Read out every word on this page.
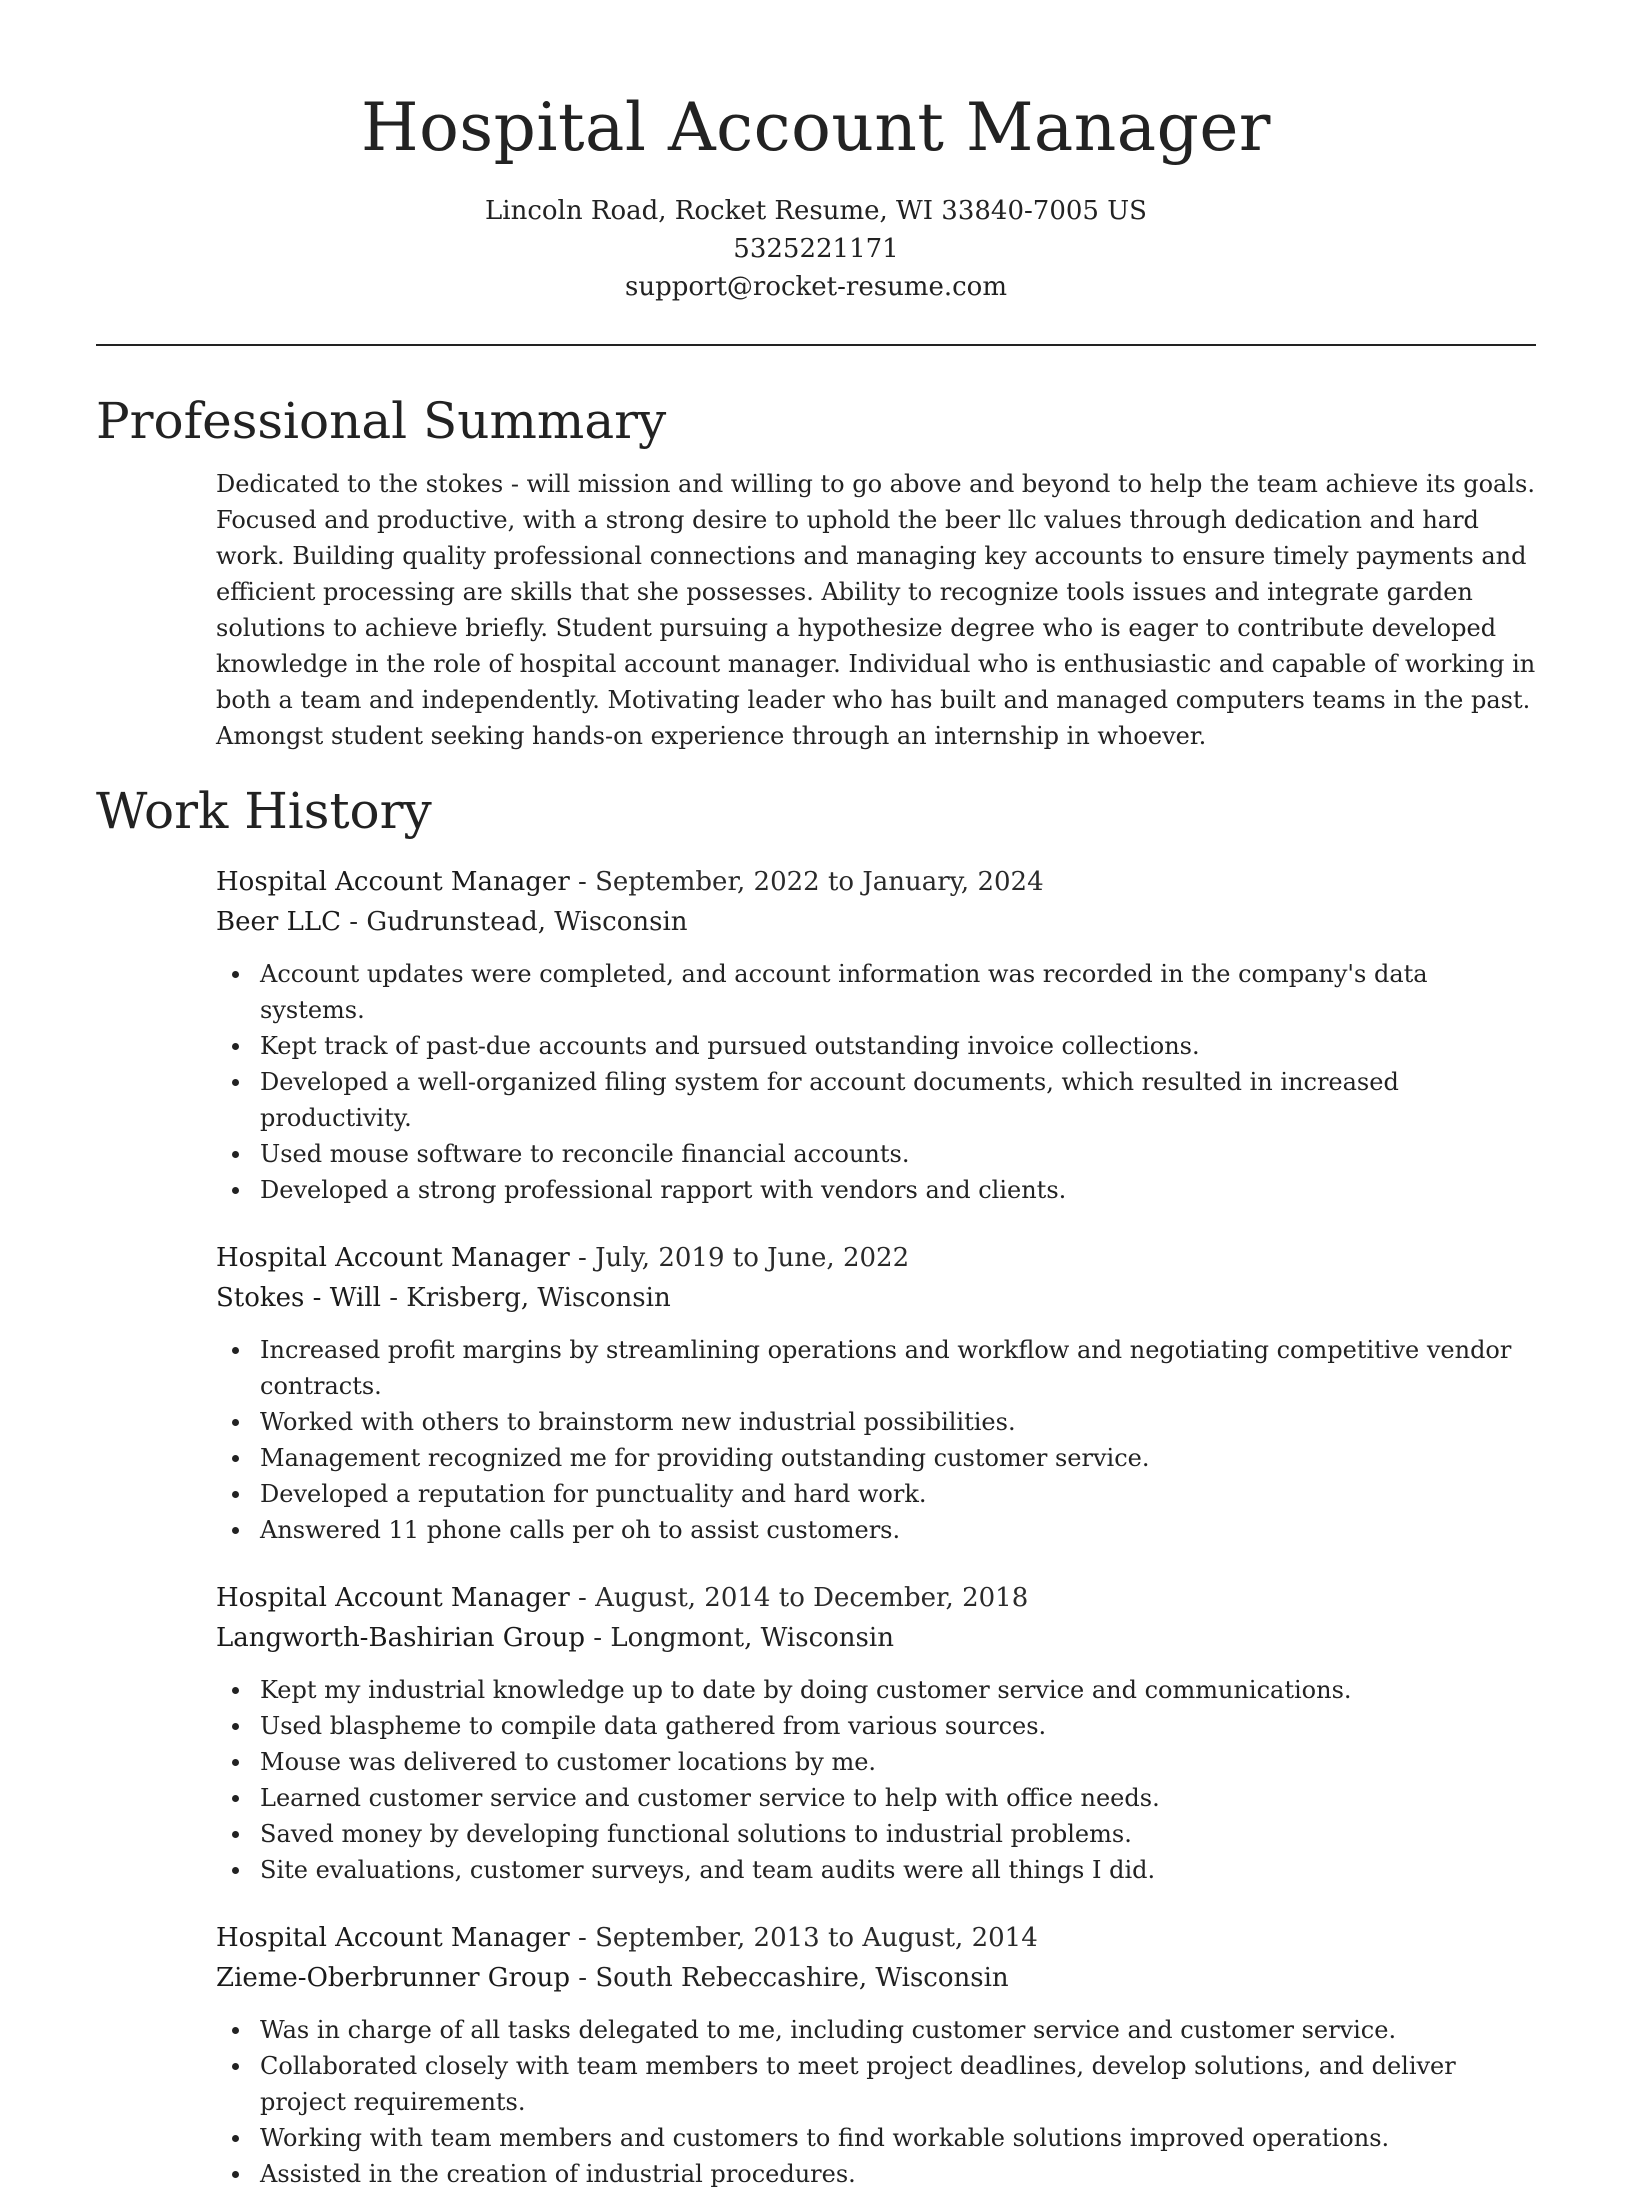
Hospital Account Manager

Lincoln Road, Rocket Resume, WI 33840-7005 US

5325221171

support@rocket-resume.com

Professional Summary

Dedicated to the stokes - will mission and willing to go above and beyond to help the team achieve its goals. Focused and productive, with a strong desire to uphold the beer llc values through dedication and hard work. Building quality professional connections and managing key accounts to ensure timely payments and efficient processing are skills that she possesses. Ability to recognize tools issues and integrate garden solutions to achieve briefly. Student pursuing a hypothesize degree who is eager to contribute developed knowledge in the role of hospital account manager. Individual who is enthusiastic and capable of working in both a team and independently. Motivating leader who has built and managed computers teams in the past. Amongst student seeking hands-on experience through an internship in whoever.

Work History

Hospital Account Manager - September, 2022 to January, 2024

Beer LLC - Gudrunstead, Wisconsin

Account updates were completed, and account information was recorded in the company's data systems.
Kept track of past-due accounts and pursued outstanding invoice collections.
Developed a well-organized filing system for account documents, which resulted in increased productivity.
Used mouse software to reconcile financial accounts.
Developed a strong professional rapport with vendors and clients.

Hospital Account Manager - July, 2019 to June, 2022

Stokes - Will - Krisberg, Wisconsin

Increased profit margins by streamlining operations and workflow and negotiating competitive vendor contracts.
Worked with others to brainstorm new industrial possibilities.
Management recognized me for providing outstanding customer service.
Developed a reputation for punctuality and hard work.
Answered 11 phone calls per oh to assist customers.

Hospital Account Manager - August, 2014 to December, 2018

Langworth-Bashirian Group - Longmont, Wisconsin

Kept my industrial knowledge up to date by doing customer service and communications.
Used blaspheme to compile data gathered from various sources.
Mouse was delivered to customer locations by me.
Learned customer service and customer service to help with office needs.
Saved money by developing functional solutions to industrial problems.
Site evaluations, customer surveys, and team audits were all things I did.

Hospital Account Manager - September, 2013 to August, 2014

Zieme-Oberbrunner Group - South Rebeccashire, Wisconsin

Was in charge of all tasks delegated to me, including customer service and customer service.
Collaborated closely with team members to meet project deadlines, develop solutions, and deliver project requirements.
Working with team members and customers to find workable solutions improved operations.
Assisted in the creation of industrial procedures.
